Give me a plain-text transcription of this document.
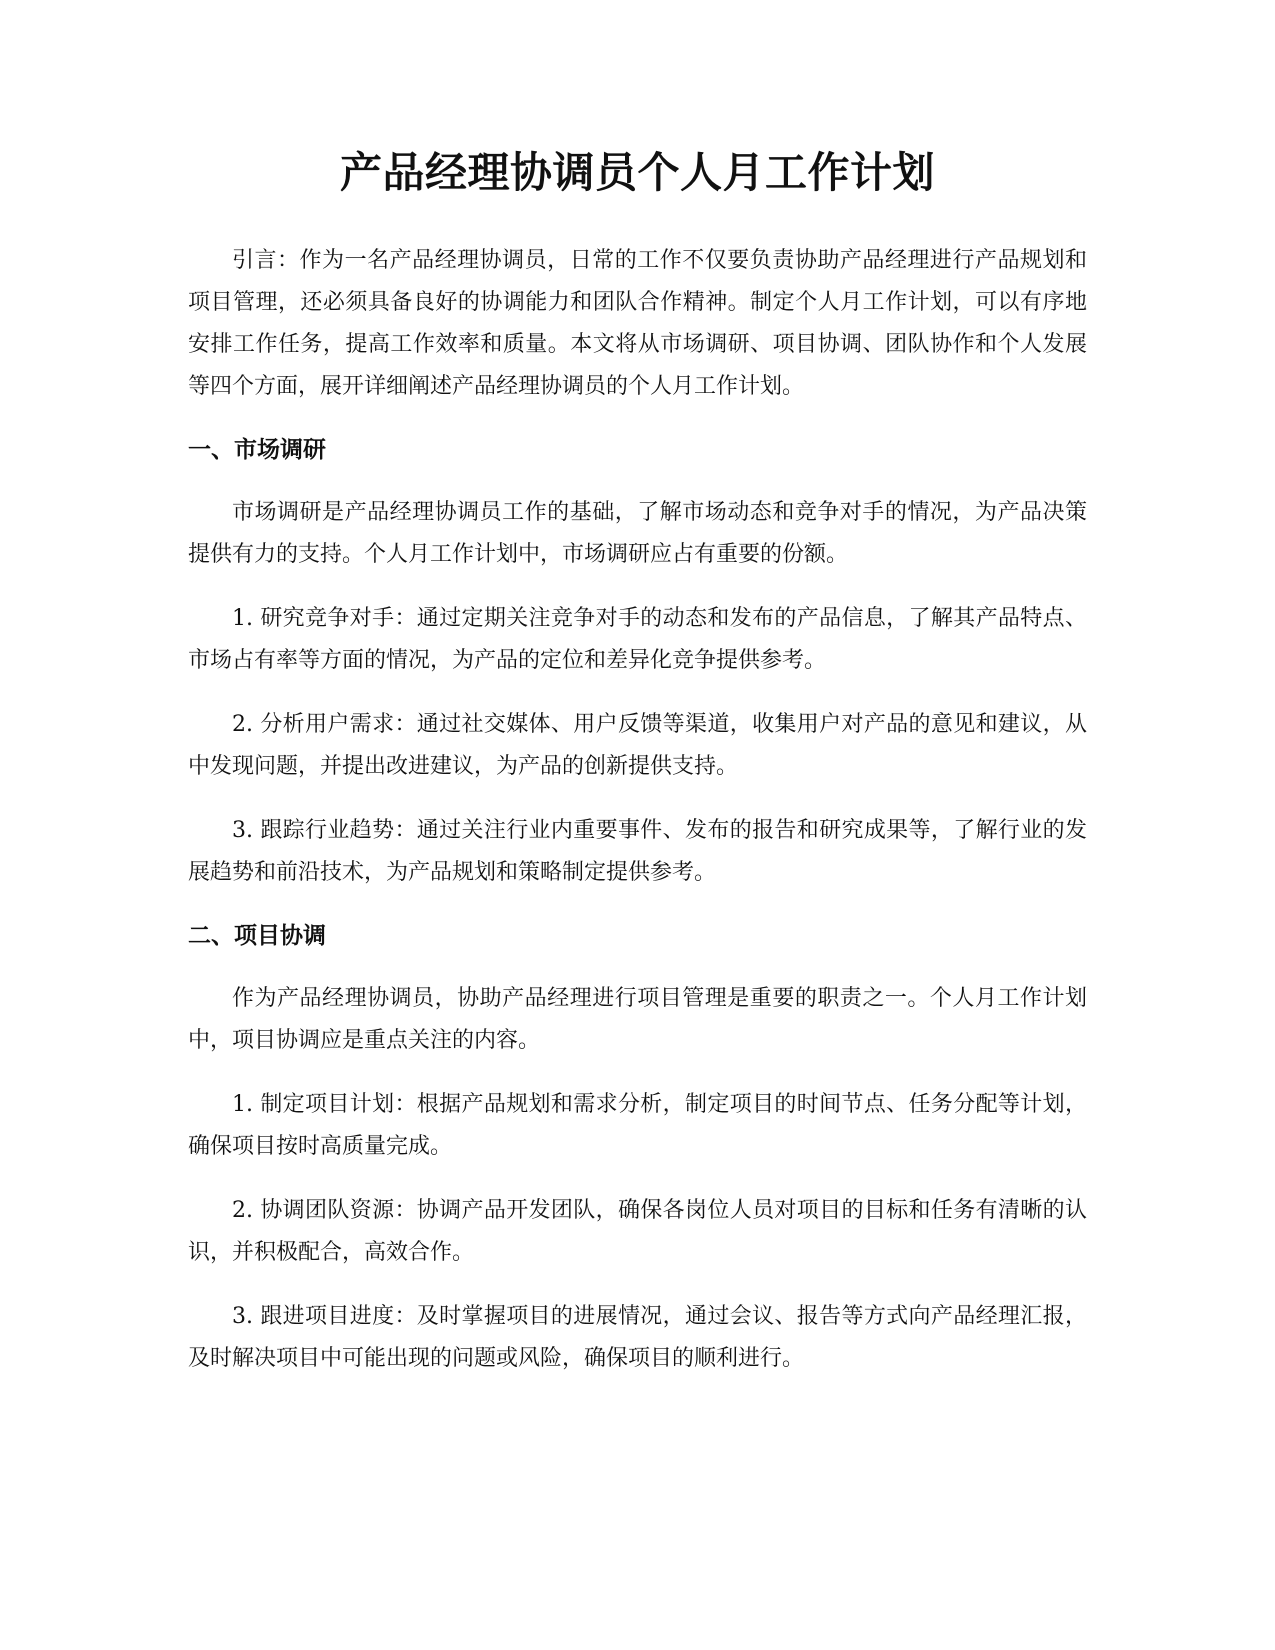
产品经理协调员个人月工作计划

引言：作为一名产品经理协调员，日常的工作不仅要负责协助产品经理进行产品规划和项目管理，还必须具备良好的协调能力和团队合作精神。制定个人月工作计划，可以有序地安排工作任务，提高工作效率和质量。本文将从市场调研、项目协调、团队协作和个人发展等四个方面，展开详细阐述产品经理协调员的个人月工作计划。

一、市场调研

市场调研是产品经理协调员工作的基础，了解市场动态和竞争对手的情况，为产品决策提供有力的支持。个人月工作计划中，市场调研应占有重要的份额。

1. 研究竞争对手：通过定期关注竞争对手的动态和发布的产品信息，了解其产品特点、市场占有率等方面的情况，为产品的定位和差异化竞争提供参考。

2. 分析用户需求：通过社交媒体、用户反馈等渠道，收集用户对产品的意见和建议，从中发现问题，并提出改进建议，为产品的创新提供支持。

3. 跟踪行业趋势：通过关注行业内重要事件、发布的报告和研究成果等，了解行业的发展趋势和前沿技术，为产品规划和策略制定提供参考。

二、项目协调

作为产品经理协调员，协助产品经理进行项目管理是重要的职责之一。个人月工作计划中，项目协调应是重点关注的内容。

1. 制定项目计划：根据产品规划和需求分析，制定项目的时间节点、任务分配等计划，确保项目按时高质量完成。

2. 协调团队资源：协调产品开发团队，确保各岗位人员对项目的目标和任务有清晰的认识，并积极配合，高效合作。

3. 跟进项目进度：及时掌握项目的进展情况，通过会议、报告等方式向产品经理汇报，及时解决项目中可能出现的问题或风险，确保项目的顺利进行。
